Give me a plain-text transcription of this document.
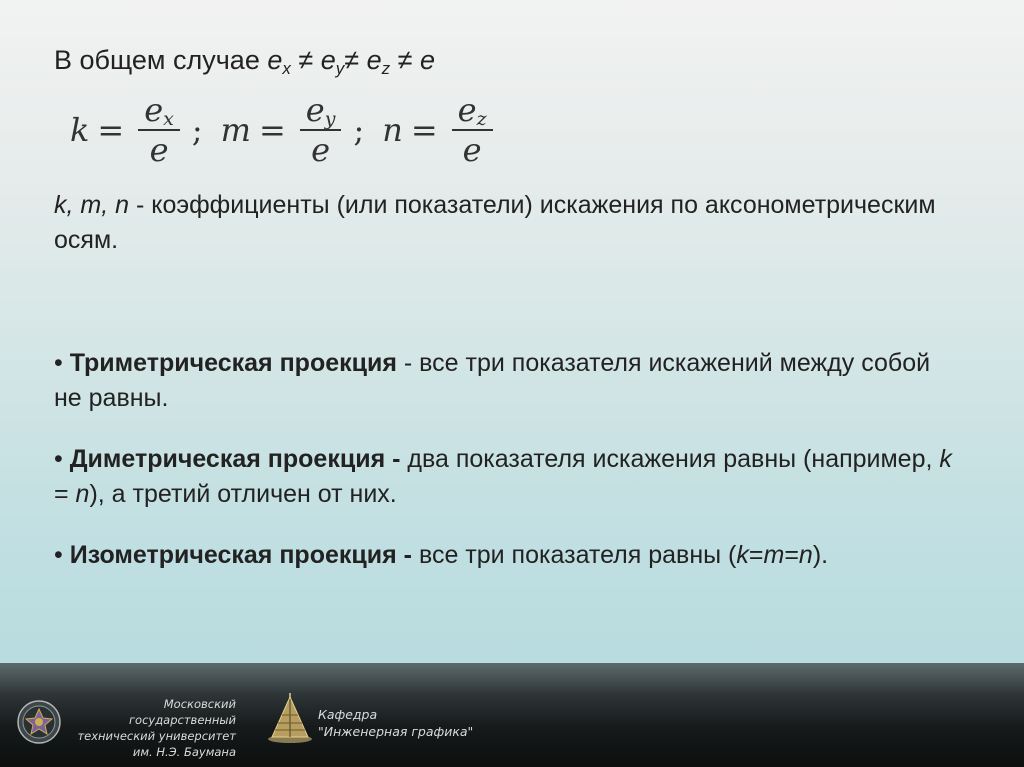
В общем случае $e_x \ne e_y\ne e_z \ne e$
$k = \frac{e_x}{e}$ ; $m = \frac{e_y}{e}$ ; $n = \frac{e_z}{e}$
k, m, n - коэффициенты (или показатели) искажения по аксонометрическим осям.
• Триметрическая проекция - все три показателя искажений между собой не равны.
• Диметрическая проекция - два показателя искажения равны (например, k = n), а третий отличен от них.
• Изометрическая проекция - все три показателя равны (k=m=n).
Московский государственный
технический университет
им. Н.Э. Баумана
Кафедра
"Инженерная графика"
